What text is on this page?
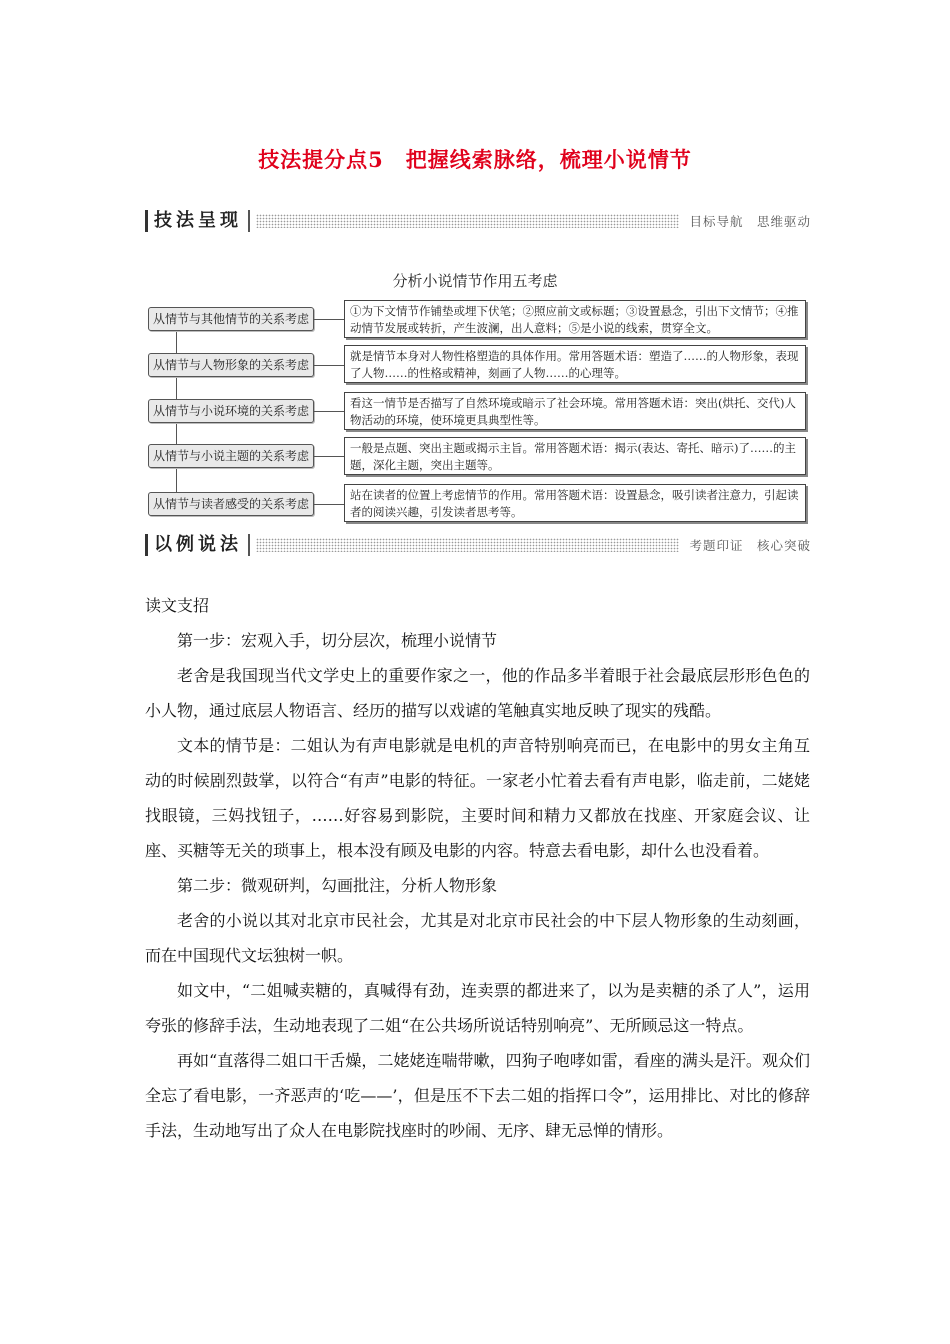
技法提分点5　把握线索脉络，梳理小说情节
技法呈现	目标导航　思维驱动
分析小说情节作用五考虑
从情节与其他情节的关系考虑
①为下文情节作铺垫或埋下伏笔；②照应前文或标题；③设置悬念，引出下文情节；④推动情节发展或转折，产生波澜，出人意料；⑤是小说的线索，贯穿全文。
从情节与人物形象的关系考虑
就是情节本身对人物性格塑造的具体作用。常用答题术语：塑造了……的人物形象，表现了人物……的性格或精神，刻画了人物……的心理等。
从情节与小说环境的关系考虑
看这一情节是否描写了自然环境或暗示了社会环境。常用答题术语：突出(烘托、交代)人物活动的环境，使环境更具典型性等。
从情节与小说主题的关系考虑
一般是点题、突出主题或揭示主旨。常用答题术语：揭示(表达、寄托、暗示)了……的主题，深化主题，突出主题等。
从情节与读者感受的关系考虑
站在读者的位置上考虑情节的作用。常用答题术语：设置悬念，吸引读者注意力，引起读者的阅读兴趣，引发读者思考等。
以例说法	考题印证　核心突破

读文支招

第一步：宏观入手，切分层次，梳理小说情节

老舍是我国现当代文学史上的重要作家之一，他的作品多半着眼于社会最底层形形色色的小人物，通过底层人物语言、经历的描写以戏谑的笔触真实地反映了现实的残酷。

文本的情节是：二姐认为有声电影就是电机的声音特别响亮而已，在电影中的男女主角互动的时候剧烈鼓掌，以符合“有声”电影的特征。一家老小忙着去看有声电影，临走前，二姥姥找眼镜，三妈找钮子，……好容易到影院，主要时间和精力又都放在找座、开家庭会议、让座、买糖等无关的琐事上，根本没有顾及电影的内容。特意去看电影，却什么也没看着。

第二步：微观研判，勾画批注，分析人物形象

老舍的小说以其对北京市民社会，尤其是对北京市民社会的中下层人物形象的生动刻画，而在中国现代文坛独树一帜。

如文中，“二姐喊卖糖的，真喊得有劲，连卖票的都进来了，以为是卖糖的杀了人”，运用夸张的修辞手法，生动地表现了二姐“在公共场所说话特别响亮”、无所顾忌这一特点。

再如“直落得二姐口干舌燥，二姥姥连喘带嗽，四狗子咆哮如雷，看座的满头是汗。观众们全忘了看电影，一齐恶声的‘吃——’，但是压不下去二姐的指挥口令”，运用排比、对比的修辞手法，生动地写出了众人在电影院找座时的吵闹、无序、肆无忌惮的情形。
